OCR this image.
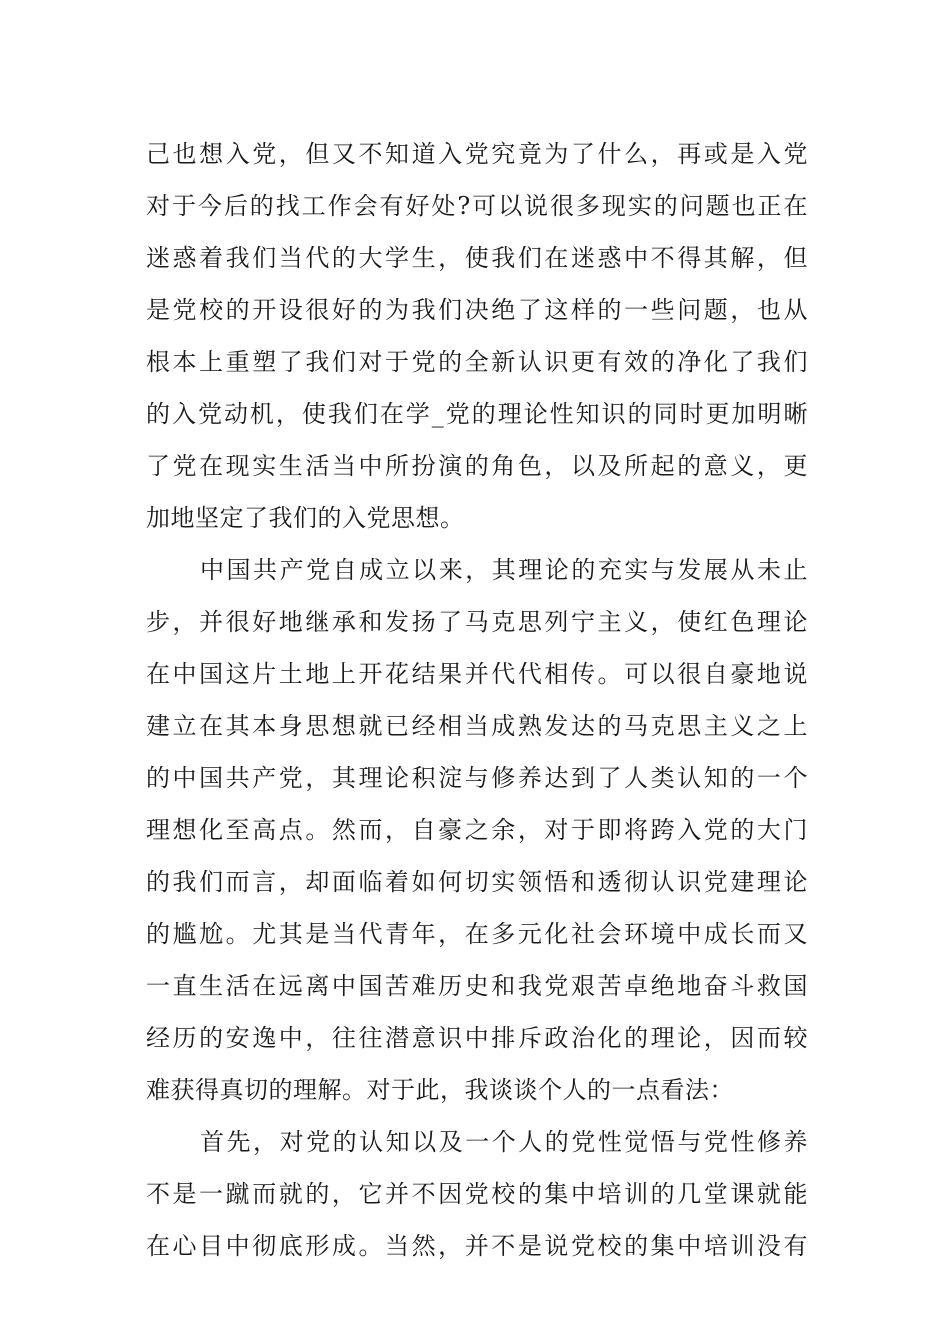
己也想入党，但又不知道入党究竟为了什么，再或是入党
对于今后的找工作会有好处?可以说很多现实的问题也正在
迷惑着我们当代的大学生，使我们在迷惑中不得其解，但
是党校的开设很好的为我们决绝了这样的一些问题，也从
根本上重塑了我们对于党的全新认识更有效的净化了我们
的入党动机，使我们在学_党的理论性知识的同时更加明晰
了党在现实生活当中所扮演的角色，以及所起的意义，更
加地坚定了我们的入党思想。
中国共产党自成立以来，其理论的充实与发展从未止
步，并很好地继承和发扬了马克思列宁主义，使红色理论
在中国这片土地上开花结果并代代相传。可以很自豪地说
建立在其本身思想就已经相当成熟发达的马克思主义之上
的中国共产党，其理论积淀与修养达到了人类认知的一个
理想化至高点。然而，自豪之余，对于即将跨入党的大门
的我们而言，却面临着如何切实领悟和透彻认识党建理论
的尴尬。尤其是当代青年，在多元化社会环境中成长而又
一直生活在远离中国苦难历史和我党艰苦卓绝地奋斗救国
经历的安逸中，往往潜意识中排斥政治化的理论，因而较
难获得真切的理解。对于此，我谈谈个人的一点看法：
首先，对党的认知以及一个人的党性觉悟与党性修养
不是一蹴而就的，它并不因党校的集中培训的几堂课就能
在心目中彻底形成。当然，并不是说党校的集中培训没有
